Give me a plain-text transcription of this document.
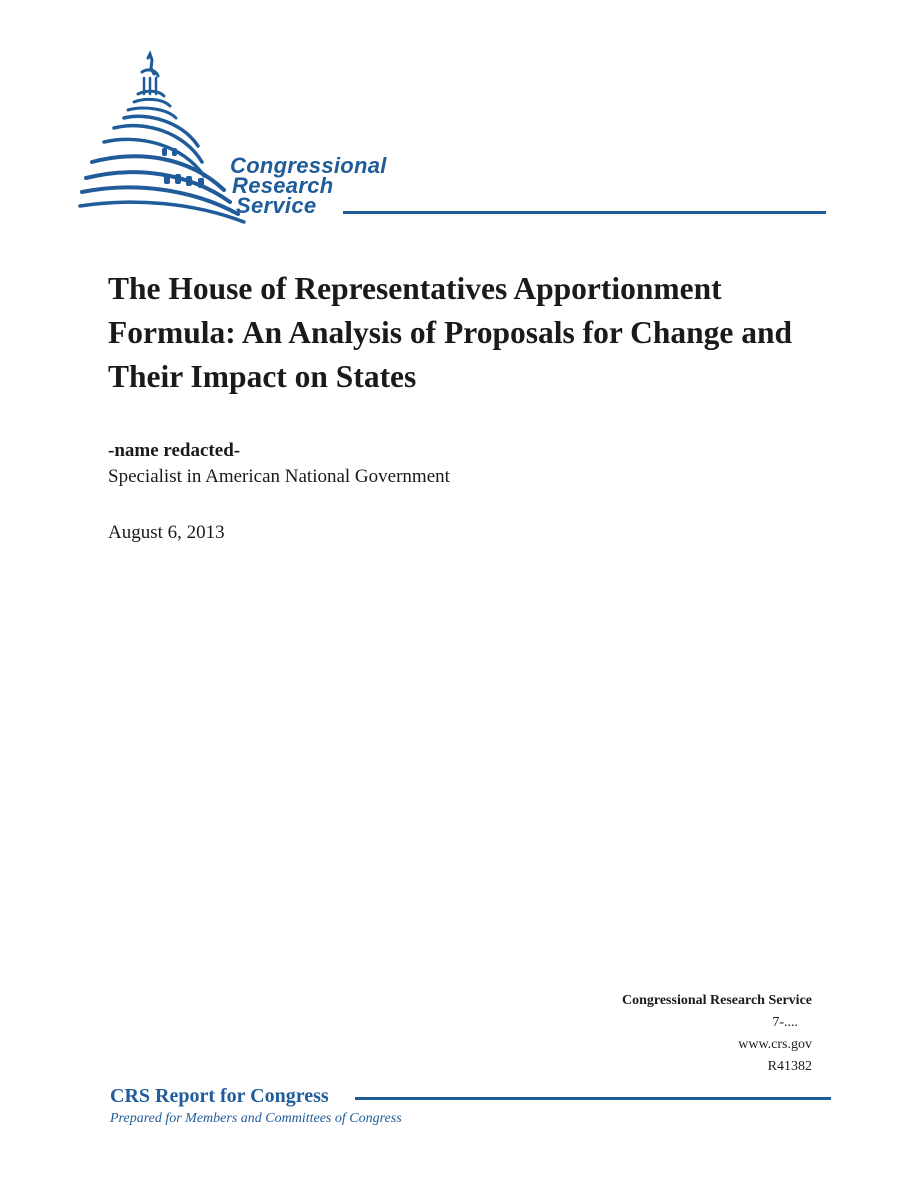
Congressional
Research
Service
The House of Representatives Apportionment Formula: An Analysis of Proposals for Change and Their Impact on States
-name redacted-
Specialist in American National Government
August 6, 2013
Congressional Research Service
7-....
www.crs.gov
R41382
CRS Report for Congress
Prepared for Members and Committees of Congress
